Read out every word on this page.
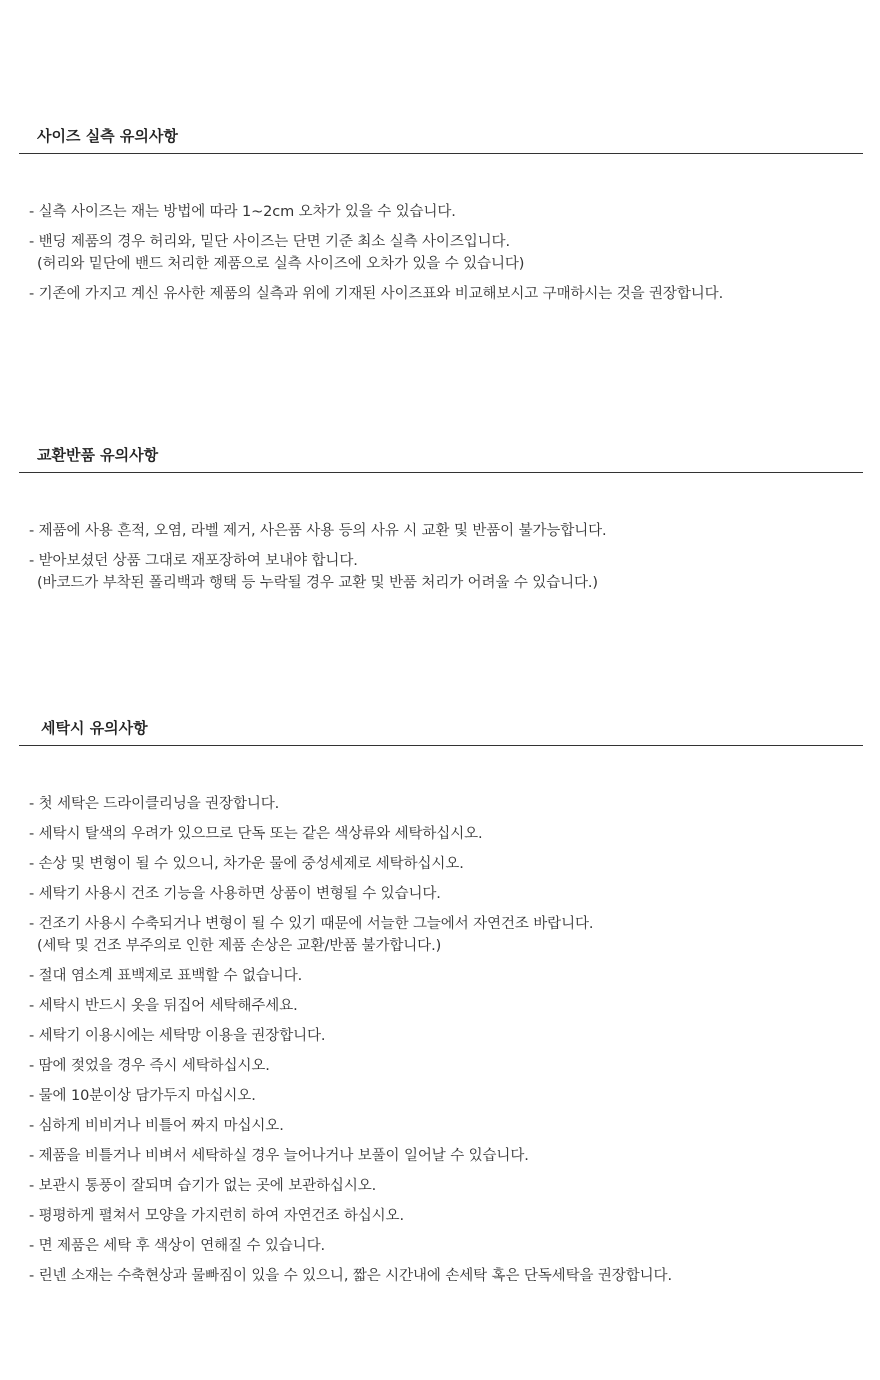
사이즈 실측 유의사항
- 실측 사이즈는 재는 방법에 따라 1~2cm 오차가 있을 수 있습니다.
- 밴딩 제품의 경우 허리와, 밑단 사이즈는 단면 기준 최소 실측 사이즈입니다.
(허리와 밑단에 밴드 처리한 제품으로 실측 사이즈에 오차가 있을 수 있습니다)
- 기존에 가지고 계신 유사한 제품의 실측과 위에 기재된 사이즈표와 비교해보시고 구매하시는 것을 권장합니다.
교환반품 유의사항
- 제품에 사용 흔적, 오염, 라벨 제거, 사은품 사용 등의 사유 시 교환 및 반품이 불가능합니다.
- 받아보셨던 상품 그대로 재포장하여 보내야 합니다.
(바코드가 부착된 폴리백과 행택 등 누락될 경우 교환 및 반품 처리가 어려울 수 있습니다.)
세탁시 유의사항
- 첫 세탁은 드라이클리닝을 권장합니다.
- 세탁시 탈색의 우려가 있으므로 단독 또는 같은 색상류와 세탁하십시오.
- 손상 및 변형이 될 수 있으니, 차가운 물에 중성세제로 세탁하십시오.
- 세탁기 사용시 건조 기능을 사용하면 상품이 변형될 수 있습니다.
- 건조기 사용시 수축되거나 변형이 될 수 있기 때문에 서늘한 그늘에서 자연건조 바랍니다.
(세탁 및 건조 부주의로 인한 제품 손상은 교환/반품 불가합니다.)
- 절대 염소계 표백제로 표백할 수 없습니다.
- 세탁시 반드시 옷을 뒤집어 세탁해주세요.
- 세탁기 이용시에는 세탁망 이용을 권장합니다.
- 땀에 젖었을 경우 즉시 세탁하십시오.
- 물에 10분이상 담가두지 마십시오.
- 심하게 비비거나 비틀어 짜지 마십시오.
- 제품을 비틀거나 비벼서 세탁하실 경우 늘어나거나 보풀이 일어날 수 있습니다.
- 보관시 통풍이 잘되며 습기가 없는 곳에 보관하십시오.
- 평평하게 펼쳐서 모양을 가지런히 하여 자연건조 하십시오.
- 면 제품은 세탁 후 색상이 연해질 수 있습니다.
- 린넨 소재는 수축현상과 물빠짐이 있을 수 있으니, 짧은 시간내에 손세탁 혹은 단독세탁을 권장합니다.
